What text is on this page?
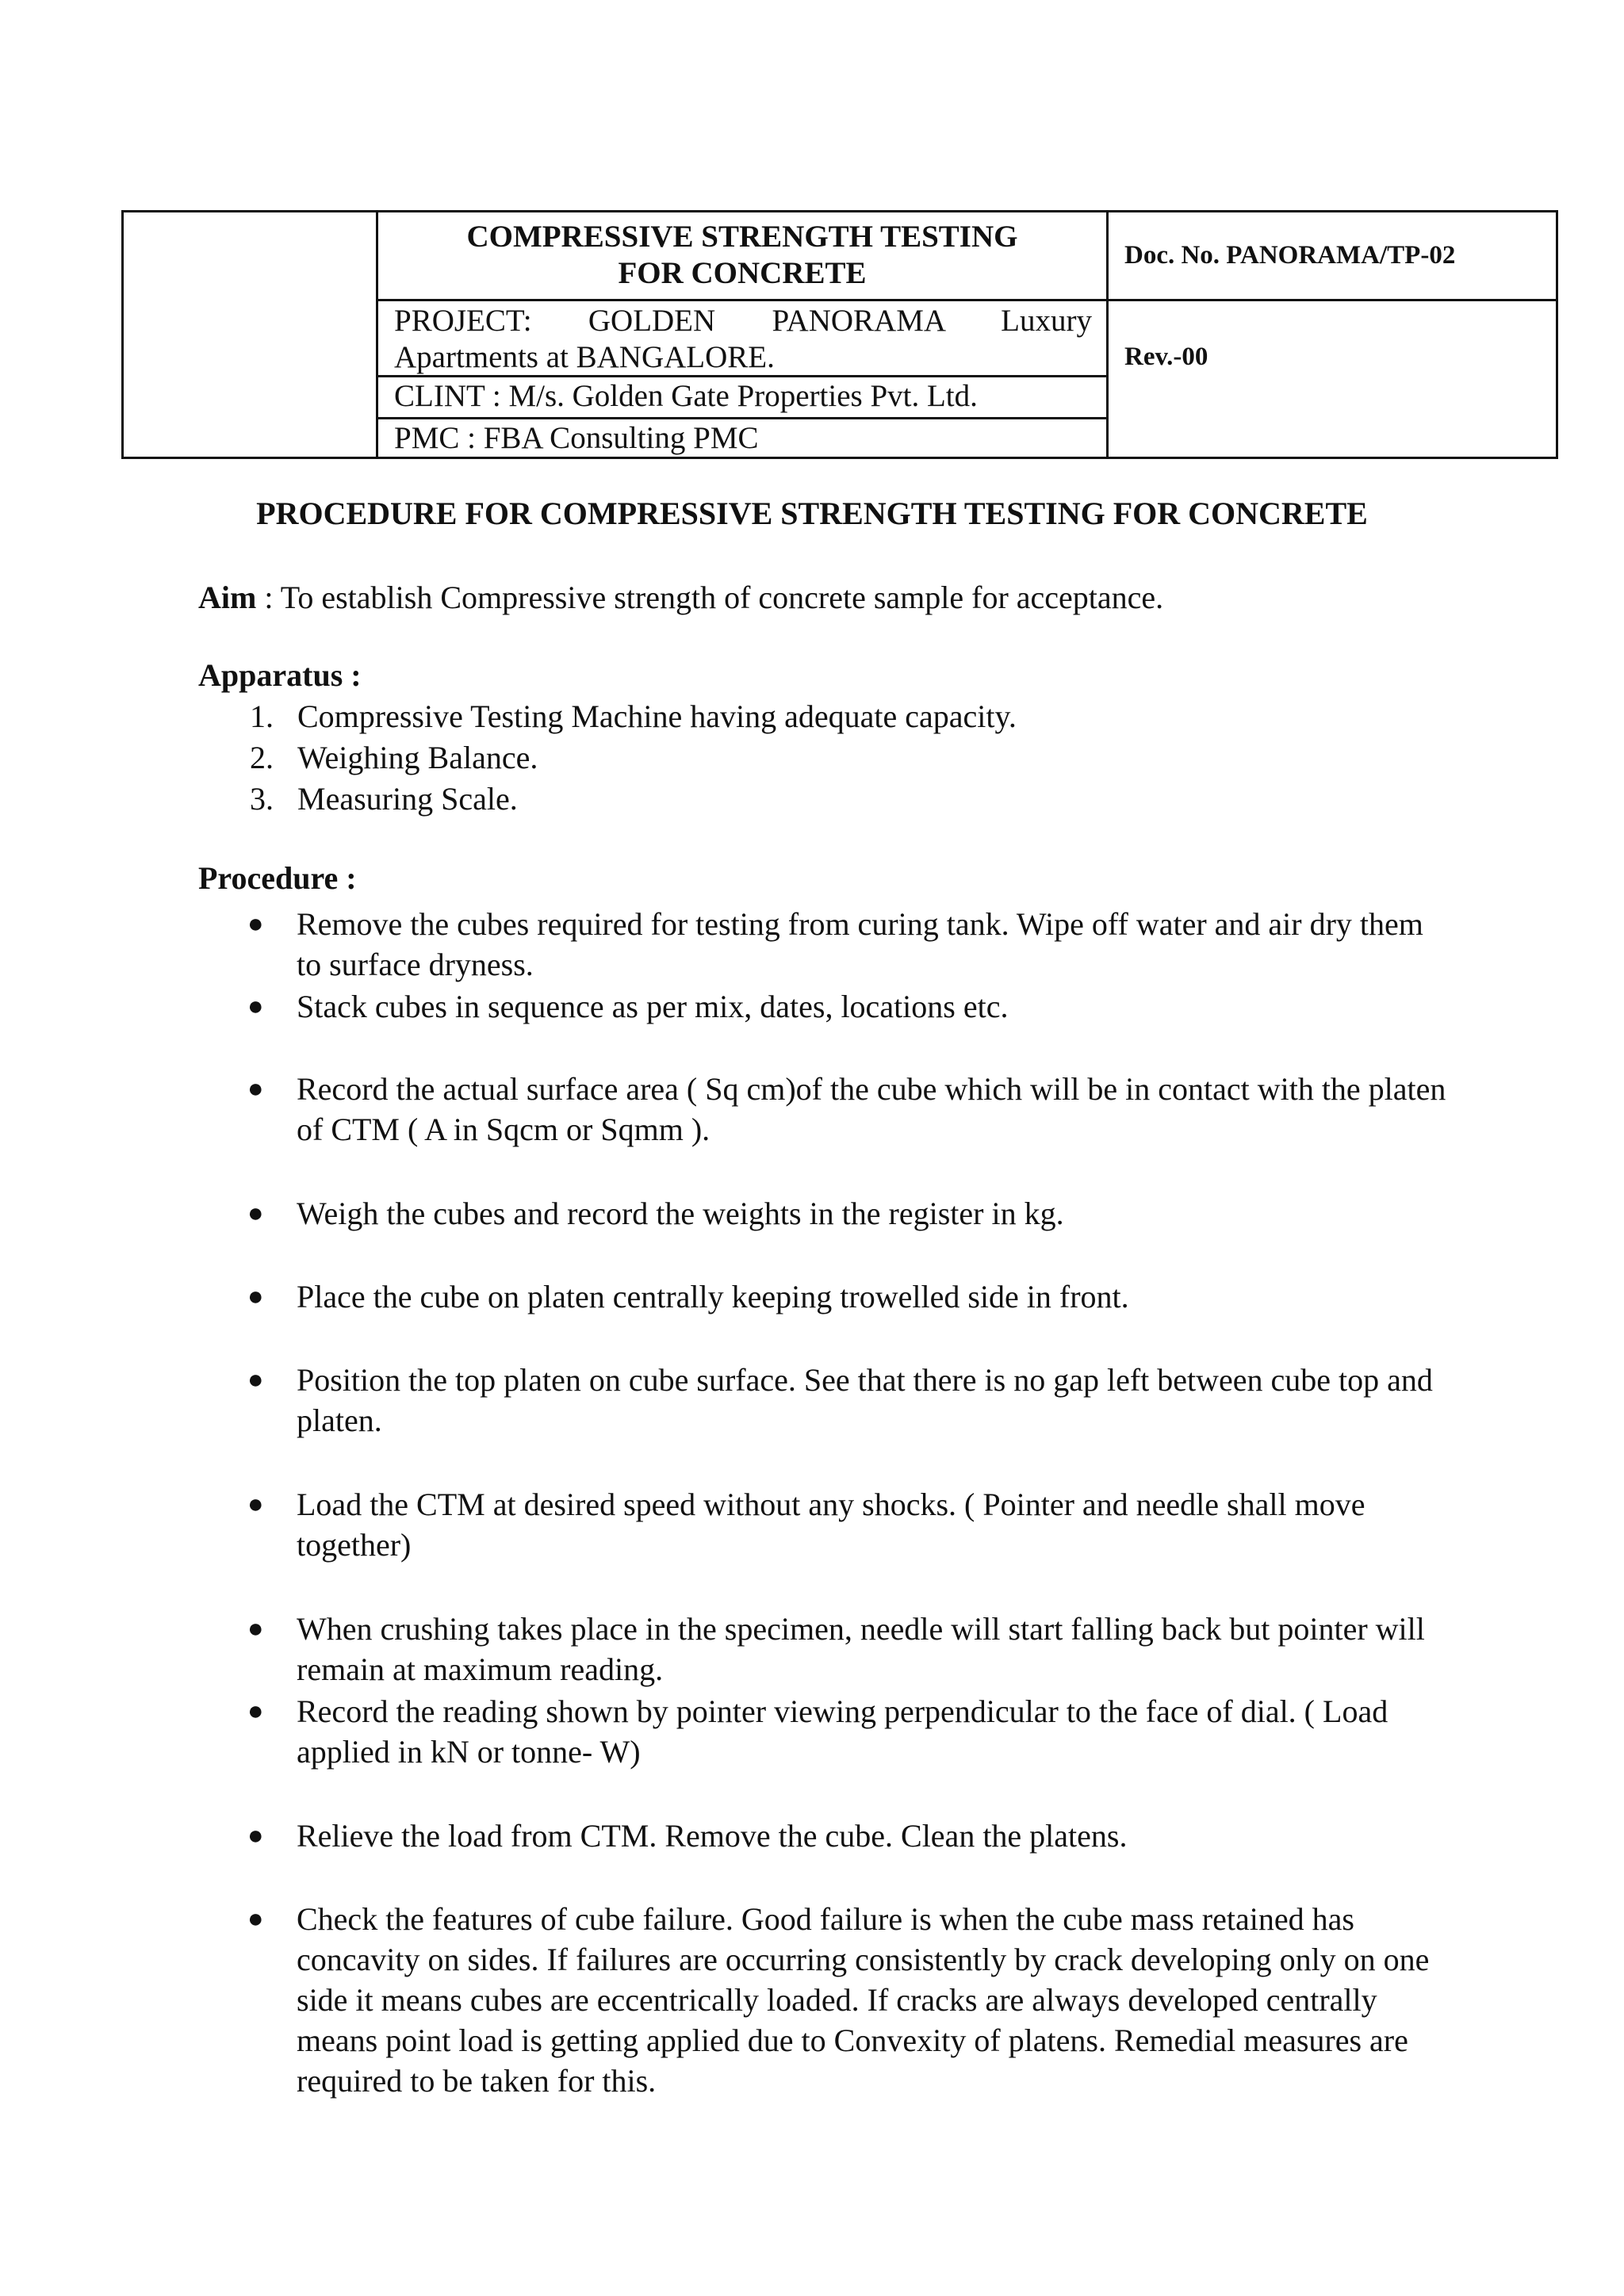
COMPRESSIVE STRENGTH TESTING
FOR CONCRETE
PROJECT: GOLDEN PANORAMA Luxury
Apartments at BANGALORE.
CLINT : M/s. Golden Gate Properties Pvt. Ltd.
PMC : FBA Consulting PMC
Doc. No. PANORAMA/TP-02
Rev.-00
PROCEDURE FOR COMPRESSIVE STRENGTH TESTING FOR CONCRETE
Aim : To establish Compressive strength of concrete sample for acceptance.
Apparatus :
1 . Compressive Testing Machine having adequate capacity.
2 . Weighing Balance.
3 . Measuring Scale.
Procedure :
● Remove the cubes required for testing from curing tank. Wipe off water and air dry them to surface dryness.
● Stack cubes in sequence as per mix, dates, locations etc.
● Record the actual surface area ( Sq cm)of the cube which will be in contact with the platen of CTM ( A in Sqcm or Sqmm ).
● Weigh the cubes and record the weights in the register in kg.
● Place the cube on platen centrally keeping trowelled side in front.
● Position the top platen on cube surface. See that there is no gap left between cube top and platen.
● Load the CTM at desired speed without any shocks. ( Pointer and needle shall move together)
● When crushing takes place in the specimen, needle will start falling back but pointer will remain at maximum reading.
● Record the reading shown by pointer viewing perpendicular to the face of dial. ( Load applied in kN or tonne- W)
● Relieve the load from CTM. Remove the cube. Clean the platens.
● Check the features of cube failure. Good failure is when the cube mass retained has concavity on sides. If failures are occurring consistently by crack developing only on one side it means cubes are eccentrically loaded. If cracks are always developed centrally means point load is getting applied due to Convexity of platens. Remedial measures are required to be taken for this.
